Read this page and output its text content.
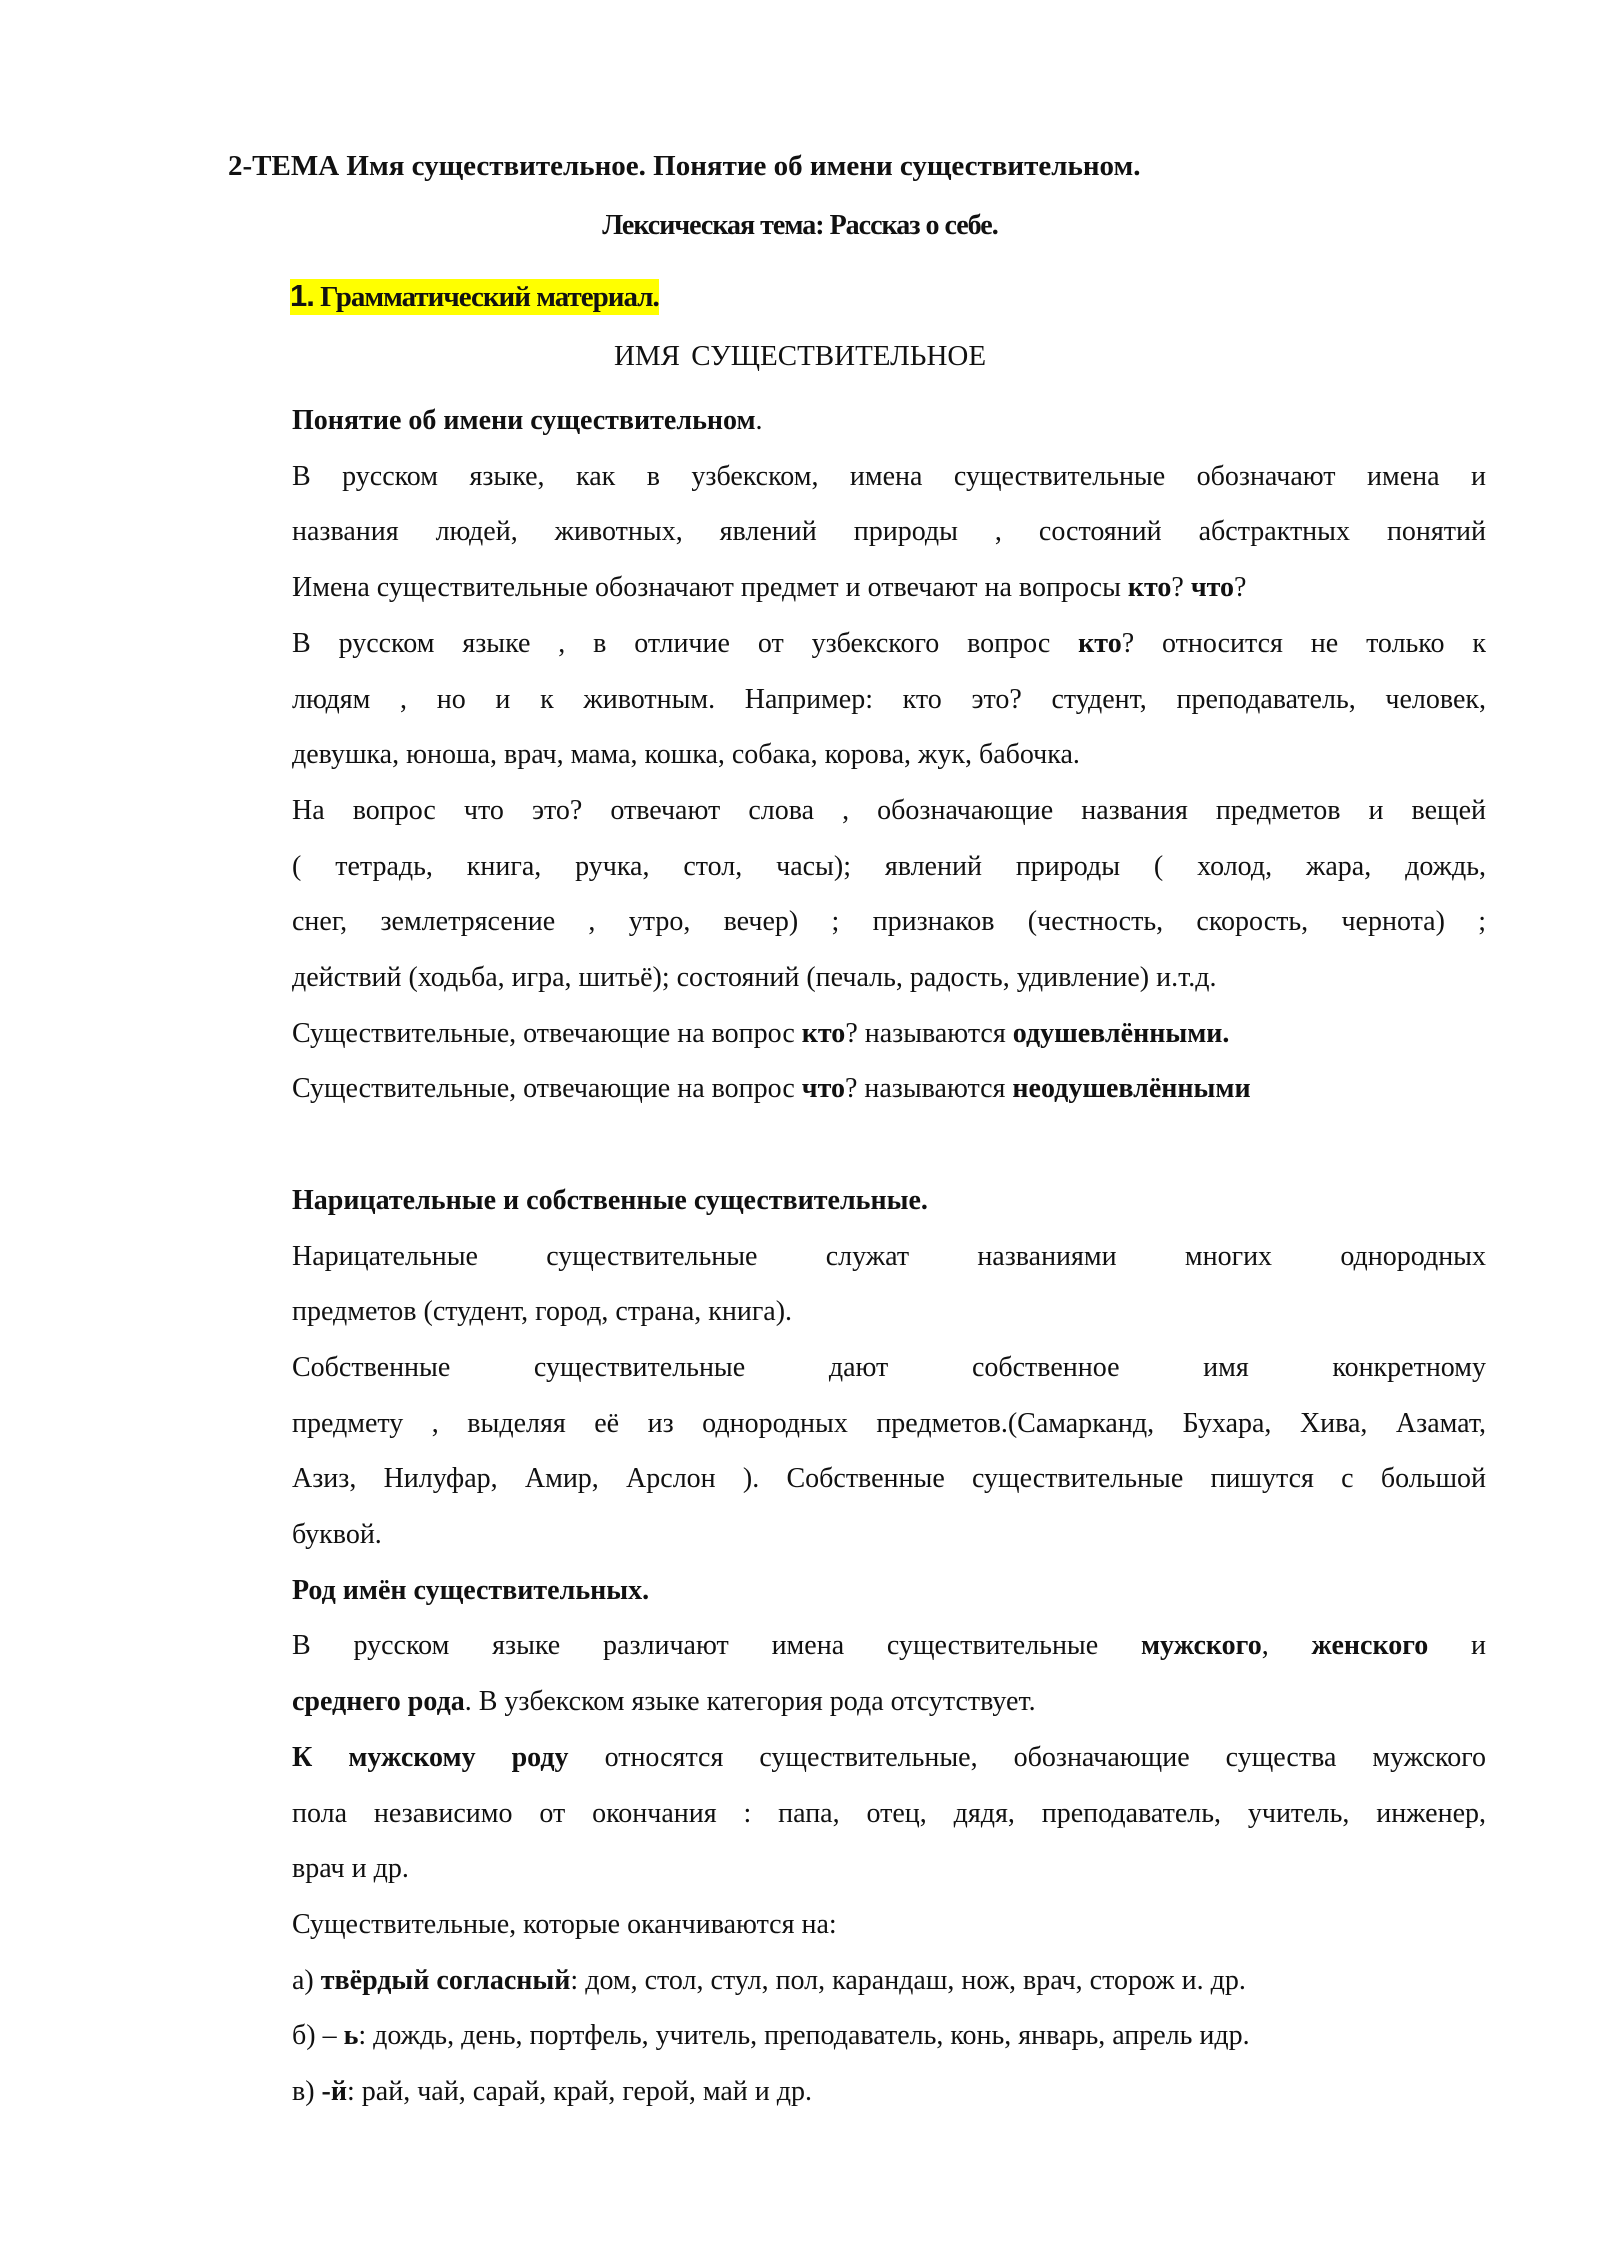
2-ТЕМА Имя существительное. Понятие об имени существительном.
Лексическая тема: Рассказ о себе.
1. Грамматический материал.
ИМЯ СУЩЕСТВИТЕЛЬНОЕ

Понятие об имени существительном.

В русском языке, как в узбекском, имена существительные обозначают имена и

названия людей, животных, явлений природы , состояний абстрактных понятий

Имена существительные обозначают предмет и отвечают на вопросы кто? что?

В русском языке , в отличие от узбекского вопрос кто? относится не только к

людям , но и к животным. Например: кто это? студент, преподаватель, человек,

девушка, юноша, врач, мама, кошка, собака, корова, жук, бабочка.

На вопрос что это? отвечают слова , обозначающие названия предметов и вещей

( тетрадь, книга, ручка, стол, часы); явлений природы ( холод, жара, дождь,

снег, землетрясение , утро, вечер) ; признаков (честность, скорость, чернота) ;

действий (ходьба, игра, шитьё); состояний (печаль, радость, удивление) и.т.д.

Существительные, отвечающие на вопрос кто? называются одушевлёнными.

Существительные, отвечающие на вопрос что? называются неодушевлёнными

Нарицательные и собственные существительные.

Нарицательные существительные служат названиями многих однородных

предметов (студент, город, страна, книга).

Собственные существительные дают собственное имя конкретному

предмету , выделяя её из однородных предметов.(Самарканд, Бухара, Хива, Азамат,

Азиз, Нилуфар, Амир, Арслон ). Собственные существительные пишутся с большой

буквой.

Род имён существительных.

В русском языке различают имена существительные мужского, женского и

среднего рода. В узбекском языке категория рода отсутствует.

К мужскому роду относятся существительные, обозначающие существа мужского

пола независимо от окончания : папа, отец, дядя, преподаватель, учитель, инженер,

врач и др.

Существительные, которые оканчиваются на:

а) твёрдый согласный: дом, стол, стул, пол, карандаш, нож, врач, сторож и. др.

б) – ь: дождь, день, портфель, учитель, преподаватель, конь, январь, апрель идр.

в) -й: рай, чай, сарай, край, герой, май и др.
